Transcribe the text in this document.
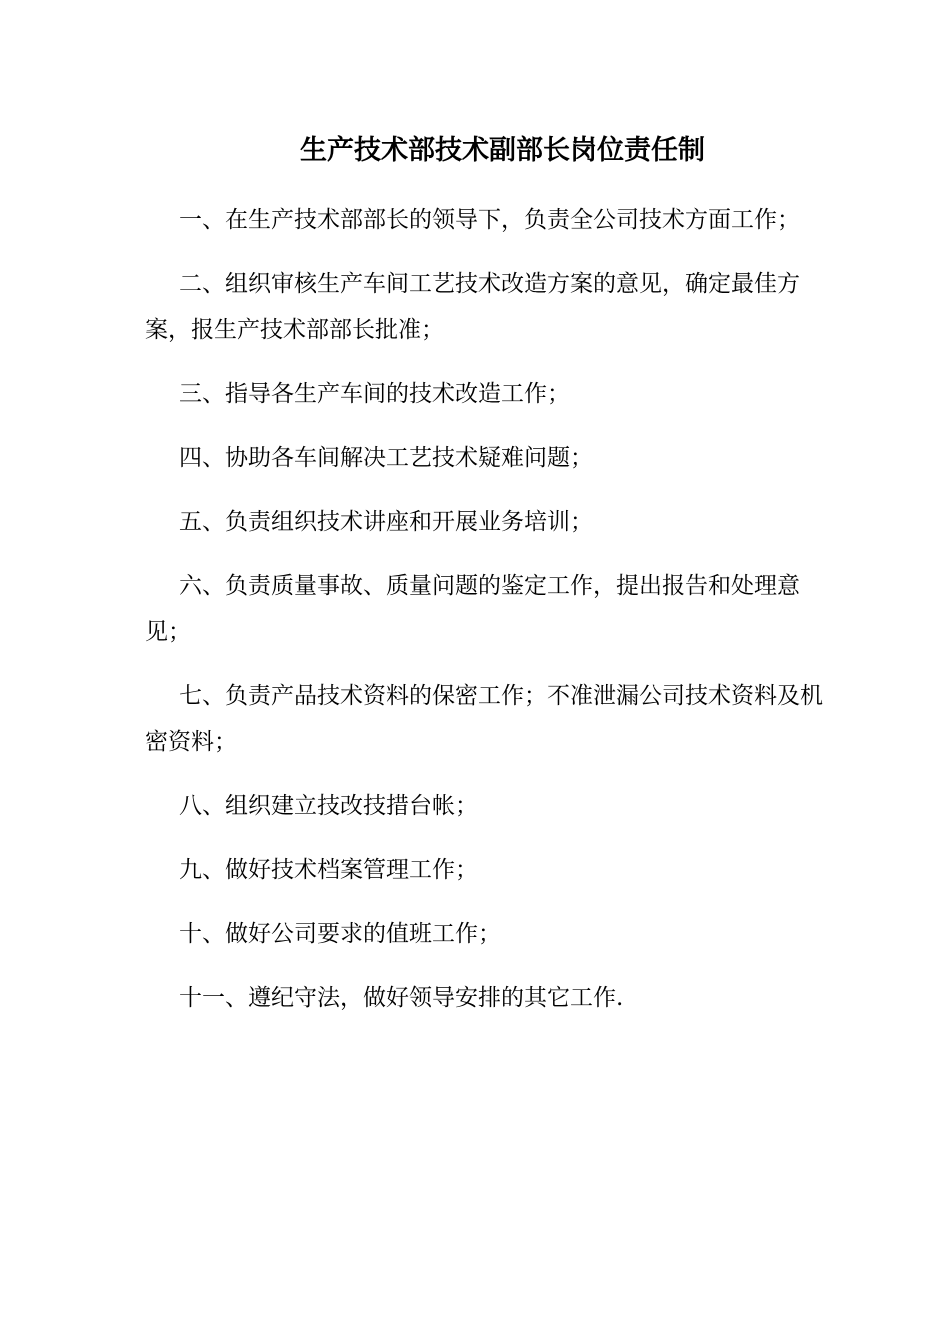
生产技术部技术副部长岗位责任制

一、在生产技术部部长的领导下，负责全公司技术方面工作；

二、组织审核生产车间工艺技术改造方案的意见，确定最佳方案，报生产技术部部长批准；

三、指导各生产车间的技术改造工作；

四、协助各车间解决工艺技术疑难问题；

五、负责组织技术讲座和开展业务培训；

六、负责质量事故、质量问题的鉴定工作，提出报告和处理意见；

七、负责产品技术资料的保密工作；不准泄漏公司技术资料及机密资料；

八、组织建立技改技措台帐；

九、做好技术档案管理工作；

十、做好公司要求的值班工作；

十一、遵纪守法，做好领导安排的其它工作.
